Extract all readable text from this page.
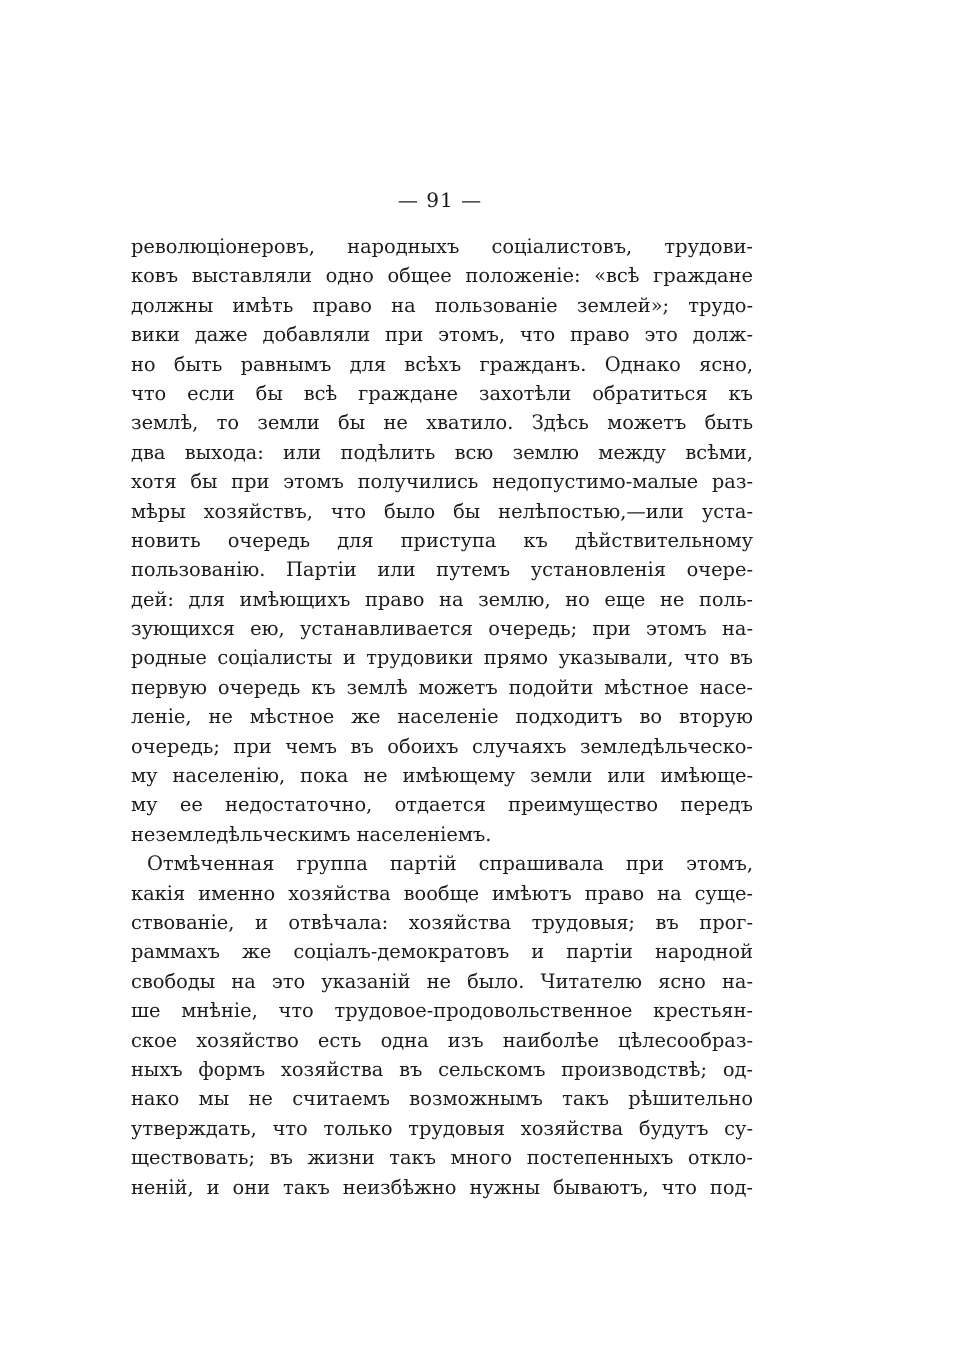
— 91 —
революціонеровъ, народныхъ соціалистовъ, трудови-
ковъ выставляли одно общее положеніе: «всѣ граждане
должны имѣть право на пользованіе землей»; трудо-
вики даже добавляли при этомъ, что право это долж-
но быть равнымъ для всѣхъ гражданъ. Однако ясно,
что если бы всѣ граждане захотѣли обратиться къ
землѣ, то земли бы не хватило. Здѣсь можетъ быть
два выхода: или подѣлить всю землю между всѣми,
хотя бы при этомъ получились недопустимо-малые раз-
мѣры хозяйствъ, что было бы нелѣпостью,—или уста-
новить очередь для приступа къ дѣйствительному
пользованію. Партіи или путемъ установленія очере-
дей: для имѣющихъ право на землю, но еще не поль-
зующихся ею, устанавливается очередь; при этомъ на-
родные соціалисты и трудовики прямо указывали, что въ
первую очередь къ землѣ можетъ подойти мѣстное насе-
леніе, не мѣстное же населеніе подходитъ во вторую
очередь; при чемъ въ обоихъ случаяхъ земледѣльческо-
му населенію, пока не имѣющему земли или имѣюще-
му ее недостаточно, отдается преимущество передъ
неземледѣльческимъ населеніемъ.
Отмѣченная группа партій спрашивала при этомъ,
какія именно хозяйства вообще имѣютъ право на суще-
ствованіе, и отвѣчала: хозяйства трудовыя; въ прог-
раммахъ же соціалъ-демократовъ и партіи народной
свободы на это указаній не было. Читателю ясно на-
ше мнѣніе, что трудовое-продовольственное крестьян-
ское хозяйство есть одна изъ наиболѣе цѣлесообраз-
ныхъ формъ хозяйства въ сельскомъ производствѣ; од-
нако мы не считаемъ возможнымъ такъ рѣшительно
утверждать, что только трудовыя хозяйства будутъ су-
ществовать; въ жизни такъ много постепенныхъ откло-
неній, и они такъ неизбѣжно нужны бываютъ, что под-
